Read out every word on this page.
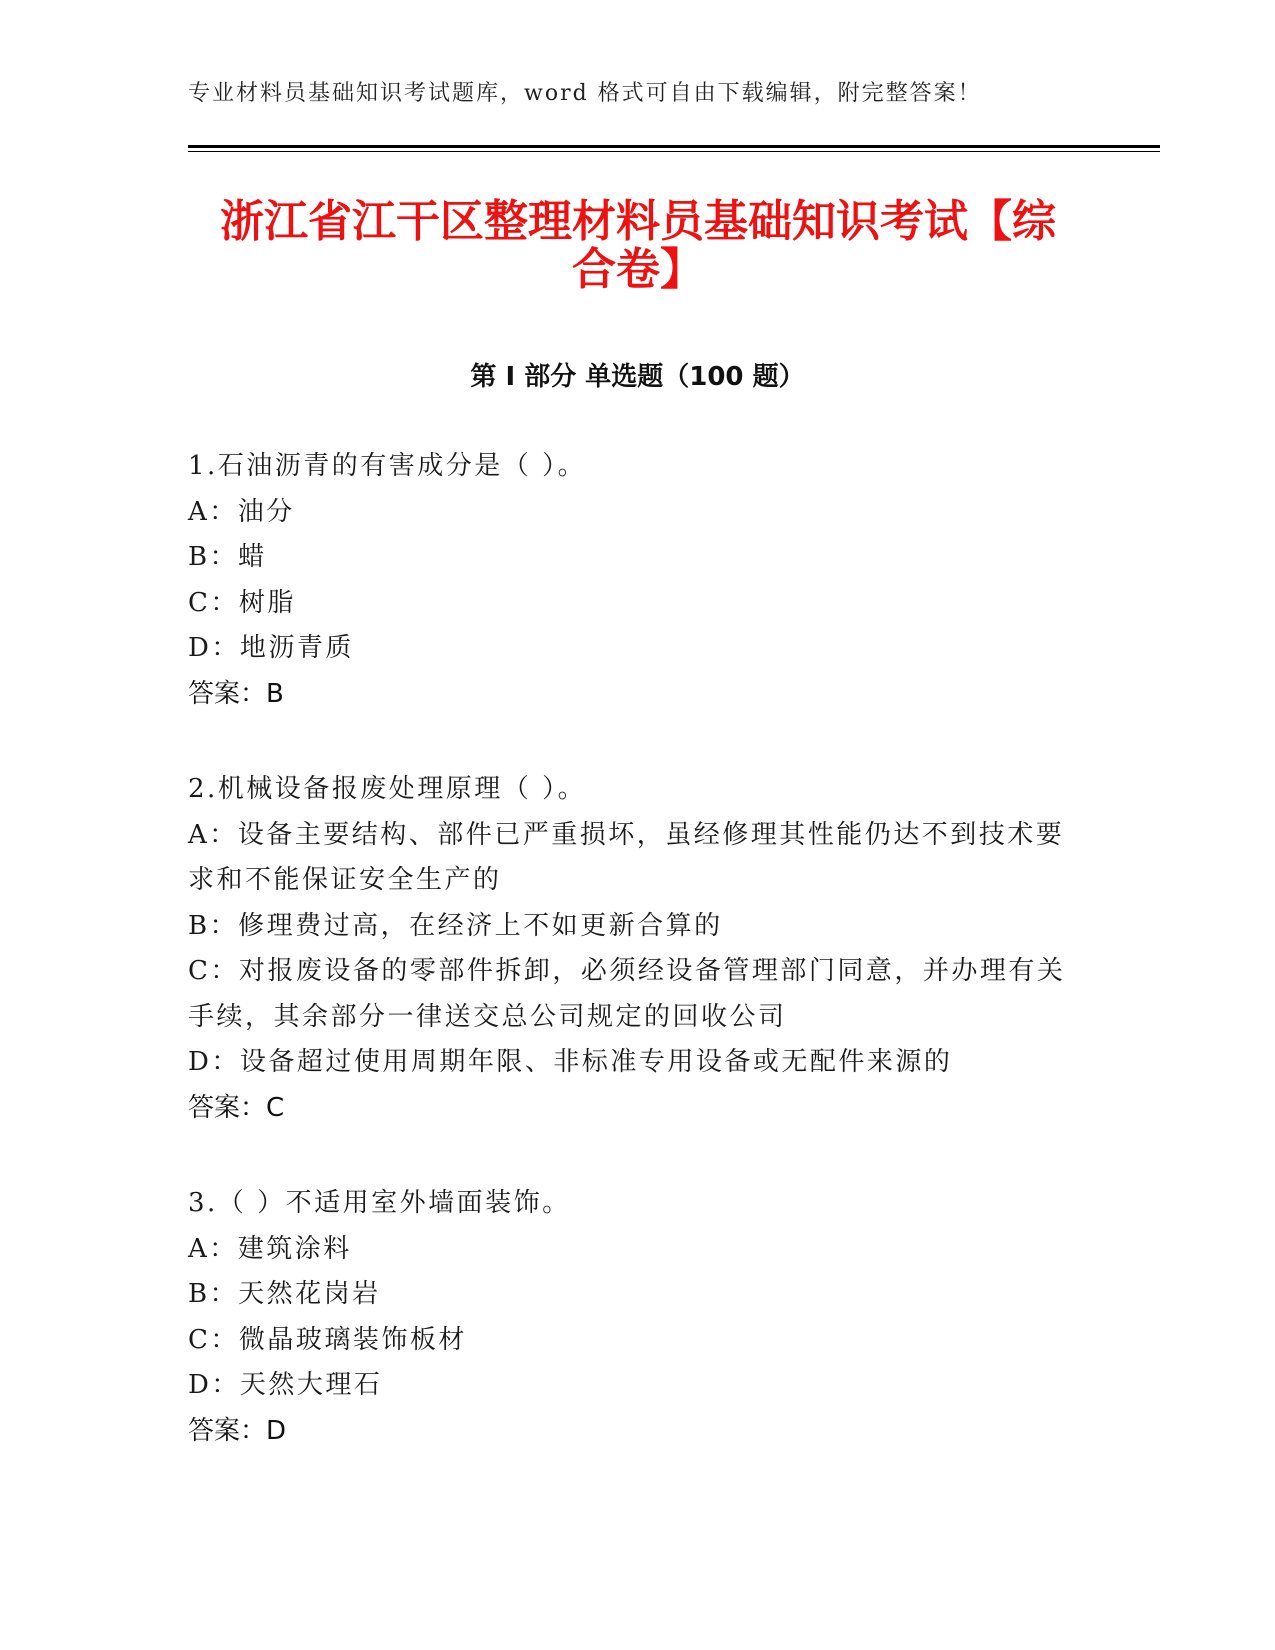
专业材料员基础知识考试题库，word 格式可自由下载编辑，附完整答案！
浙江省江干区整理材料员基础知识考试【综
合卷】
第 I 部分 单选题（100 题）
1.石油沥青的有害成分是（ ）。
A：油分
B：蜡
C：树脂
D：地沥青质
答案：B
2.机械设备报废处理原理（ ）。
A：设备主要结构、部件已严重损坏，虽经修理其性能仍达不到技术要
求和不能保证安全生产的
B：修理费过高，在经济上不如更新合算的
C：对报废设备的零部件拆卸，必须经设备管理部门同意，并办理有关
手续，其余部分一律送交总公司规定的回收公司
D：设备超过使用周期年限、非标准专用设备或无配件来源的
答案：C
3.（ ）不适用室外墙面装饰。
A：建筑涂料
B：天然花岗岩
C：微晶玻璃装饰板材
D：天然大理石
答案：D
